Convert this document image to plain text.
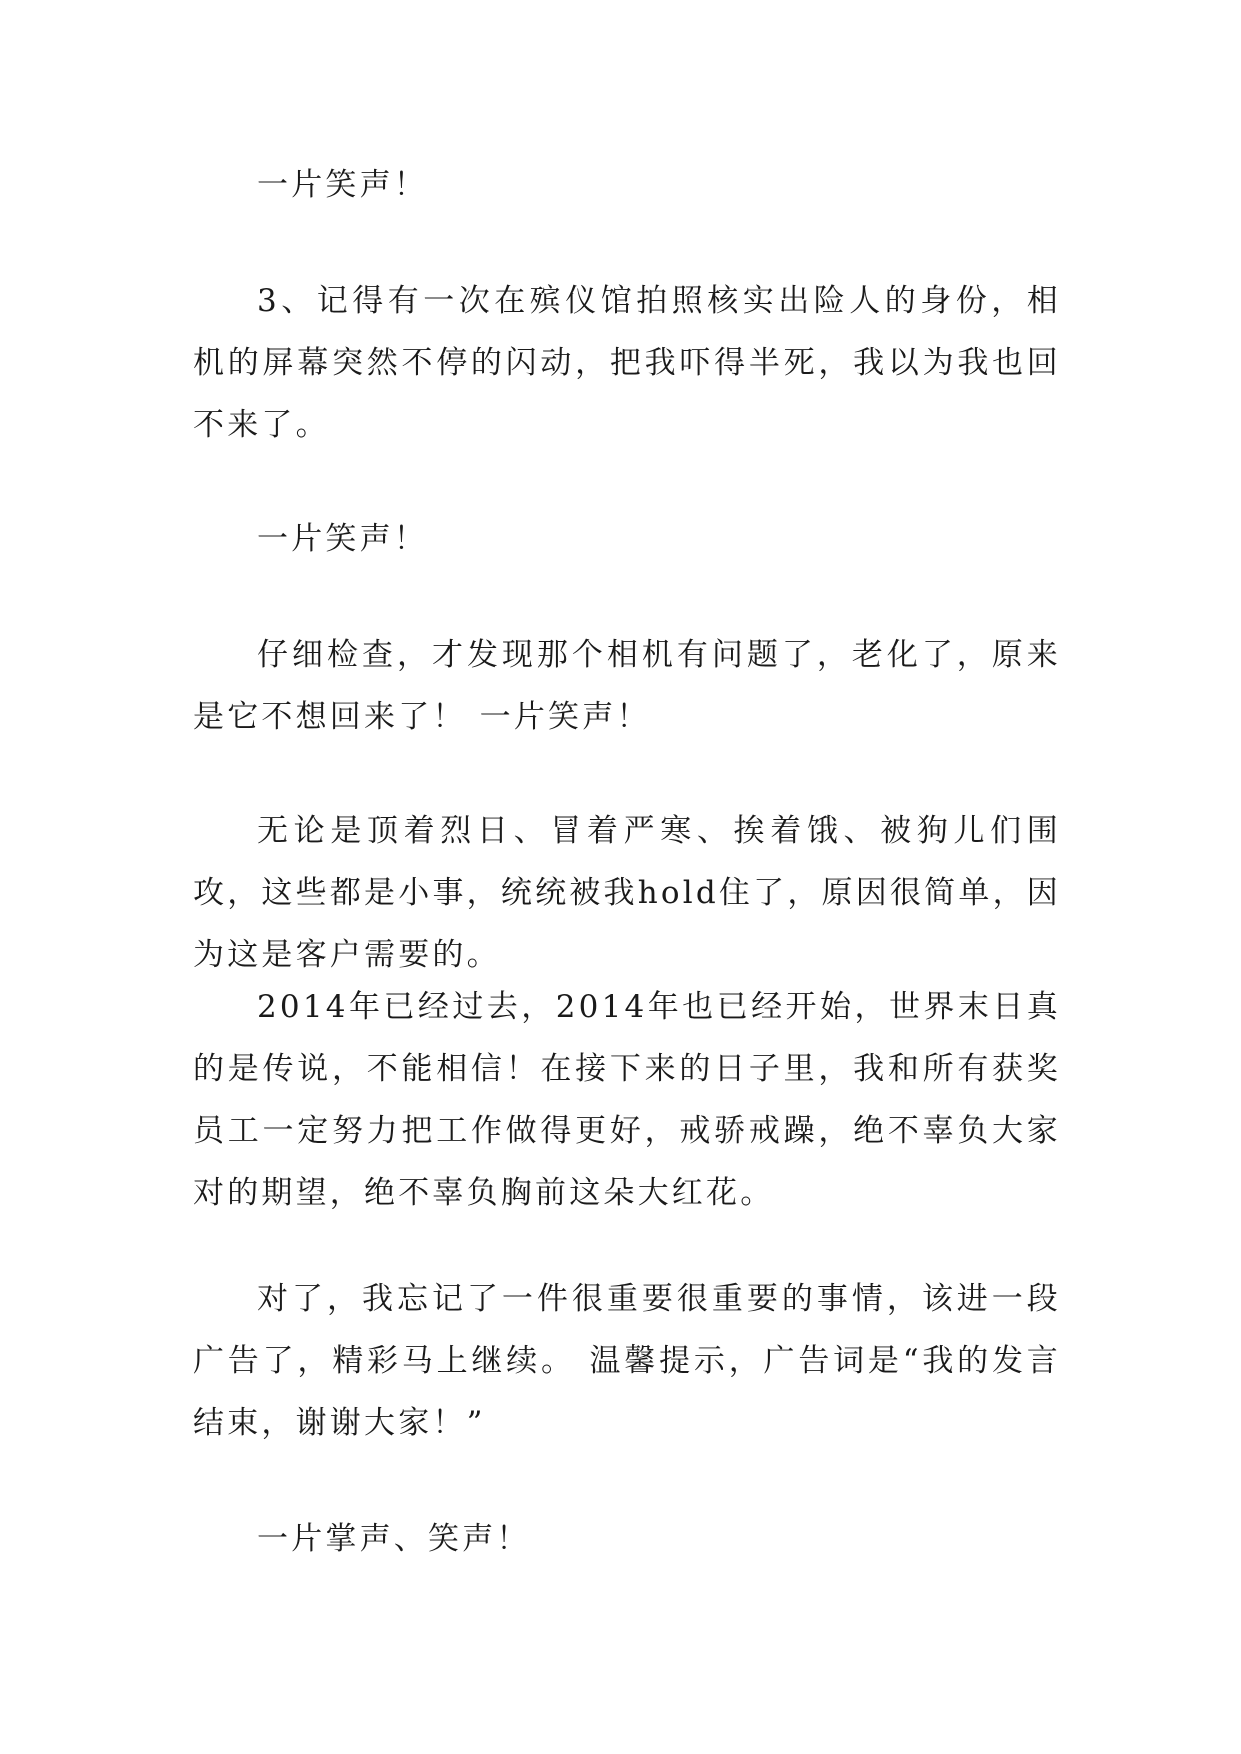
一片笑声！

3、记得有一次在殡仪馆拍照核实出险人的身份，相机的屏幕突然不停的闪动，把我吓得半死，我以为我也回不来了。

一片笑声！

仔细检查，才发现那个相机有问题了，老化了，原来是它不想回来了！ 一片笑声！

无论是顶着烈日、冒着严寒、挨着饿、被狗儿们围攻，这些都是小事，统统被我hold住了，原因很简单，因为这是客户需要的。

2014年已经过去，2014年也已经开始，世界末日真的是传说，不能相信！在接下来的日子里，我和所有获奖员工一定努力把工作做得更好，戒骄戒躁，绝不辜负大家对的期望，绝不辜负胸前这朵大红花。

对了，我忘记了一件很重要很重要的事情，该进一段广告了，精彩马上继续。 温馨提示，广告词是“我的发言结束，谢谢大家！”

一片掌声、笑声！
